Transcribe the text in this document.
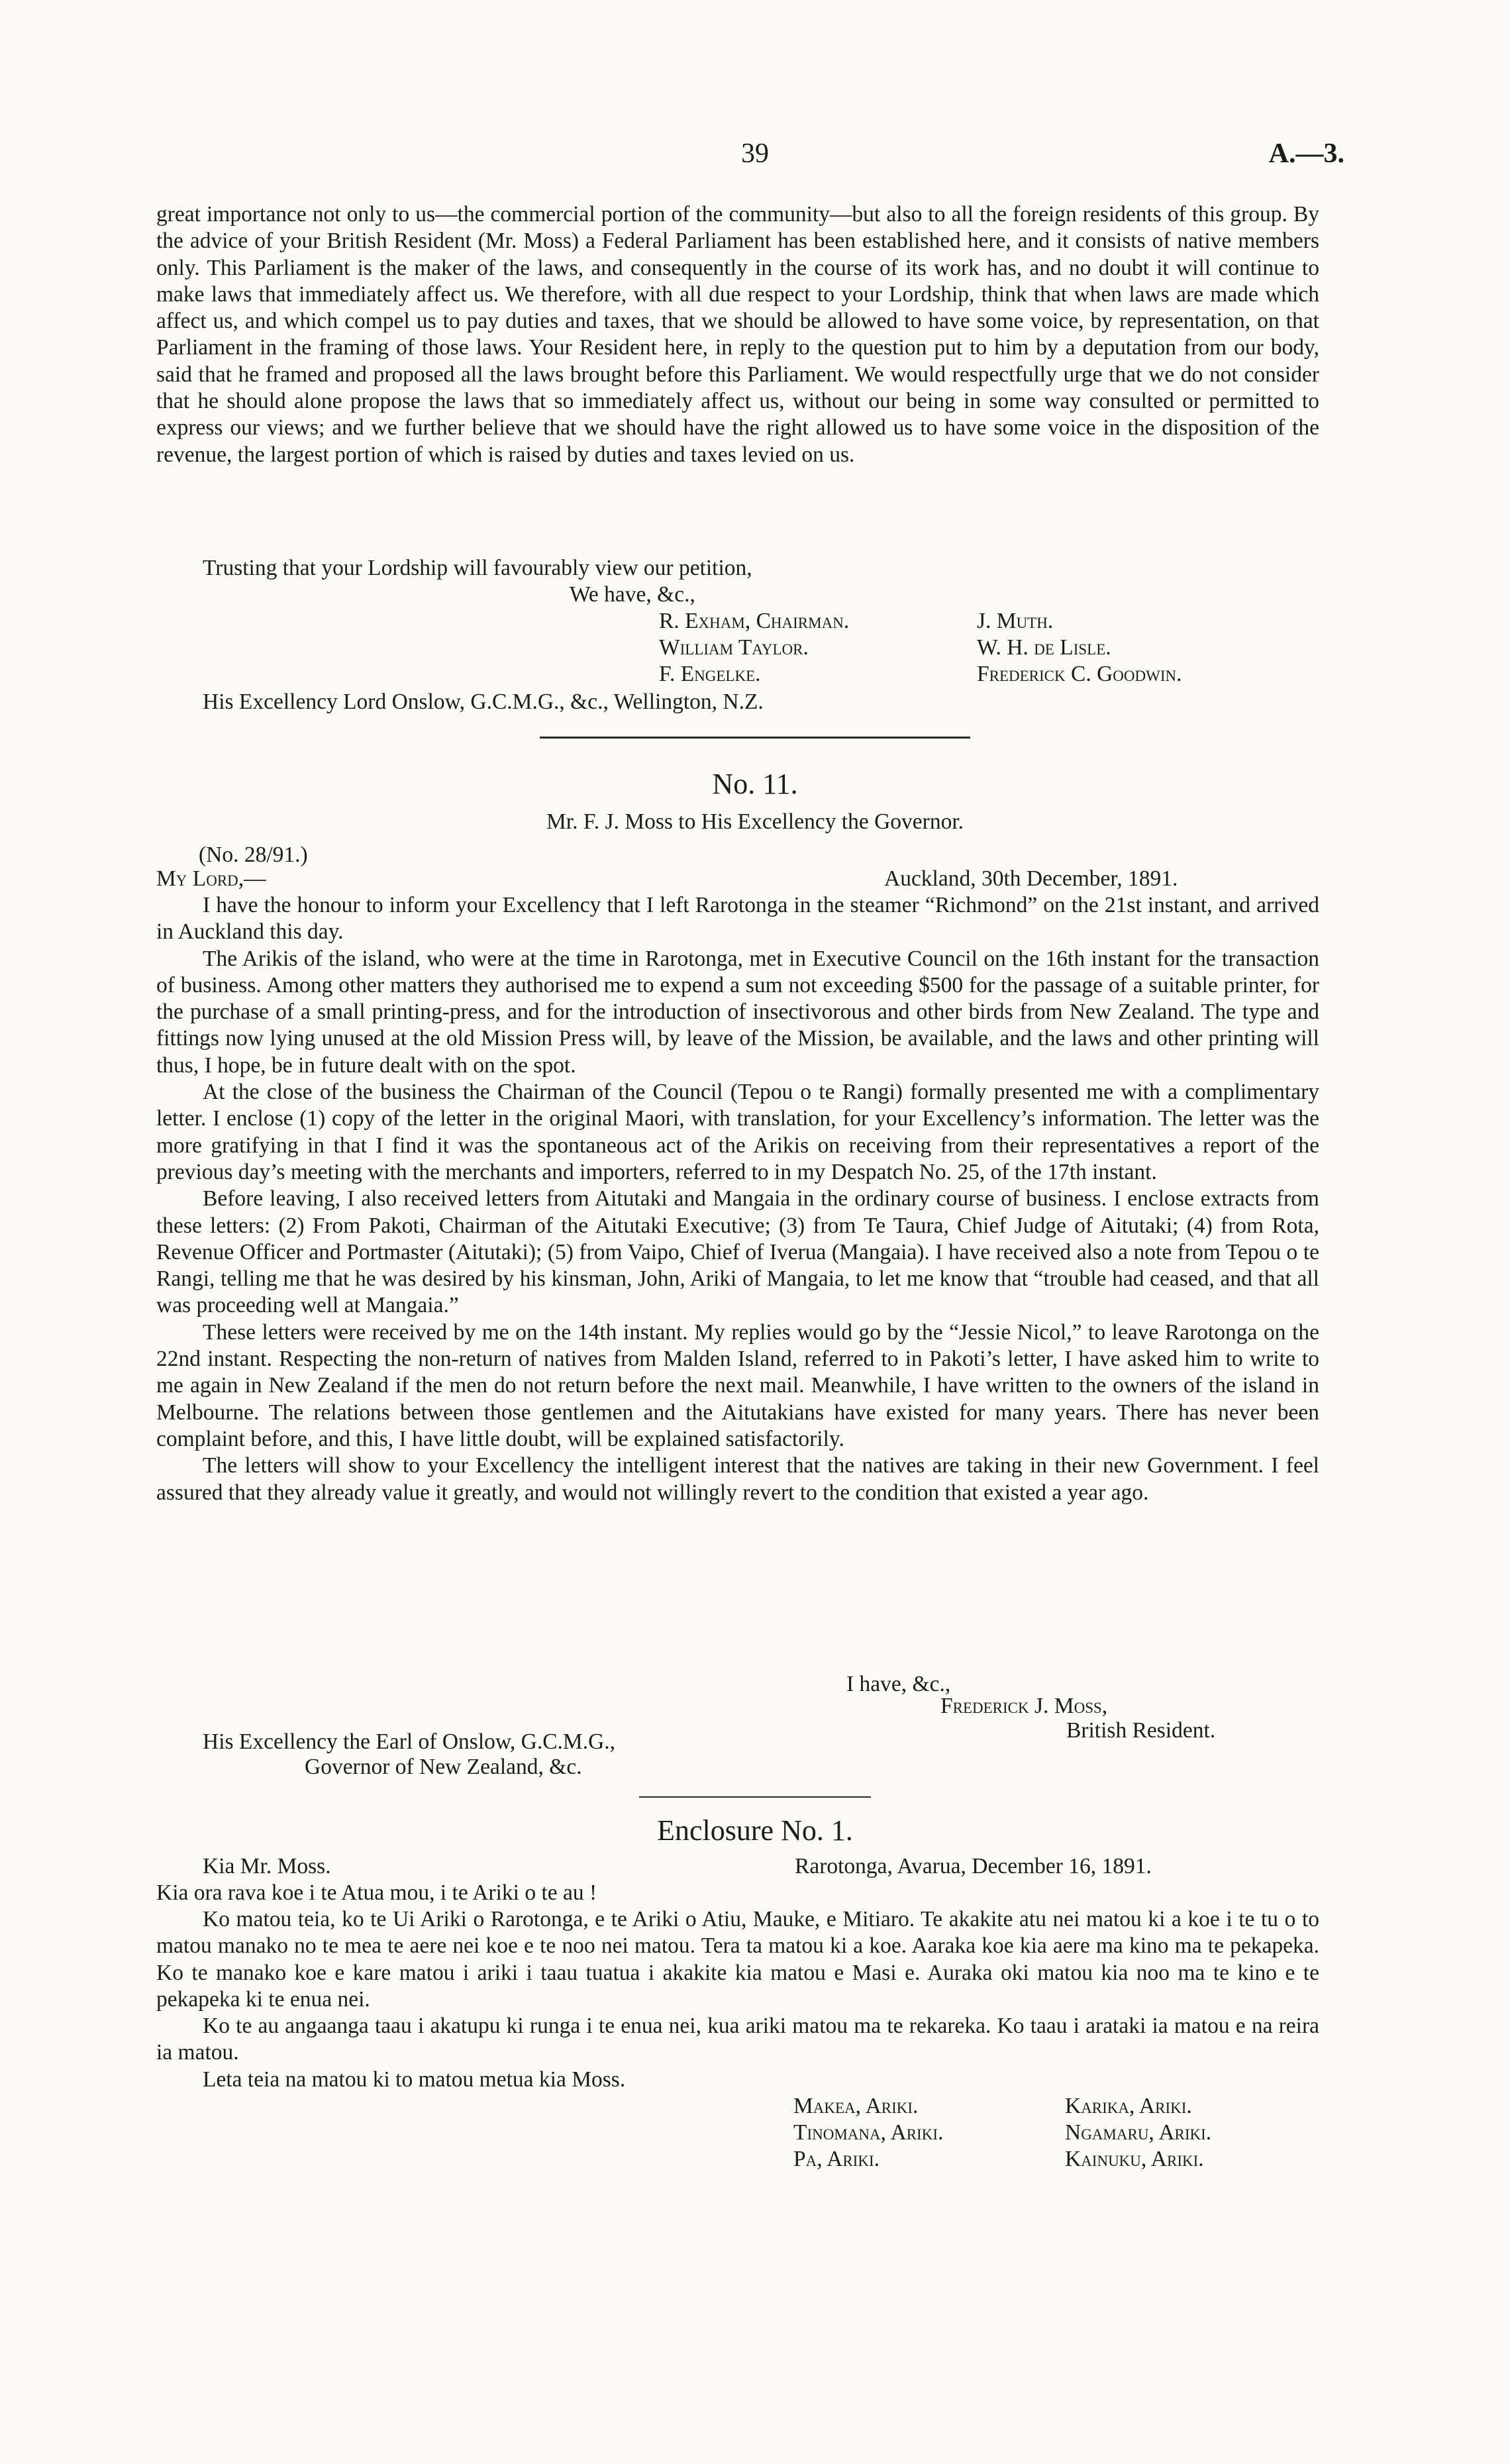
39	A.—3.

great importance not only to us—the commercial portion of the community—but also to all the foreign residents of this group. By the advice of your British Resident (Mr. Moss) a Federal Parliament has been established here, and it consists of native members only. This Parliament is the maker of the laws, and consequently in the course of its work has, and no doubt it will continue to make laws that immediately affect us. We therefore, with all due respect to your Lordship, think that when laws are made which affect us, and which compel us to pay duties and taxes, that we should be allowed to have some voice, by representation, on that Parliament in the framing of those laws. Your Resident here, in reply to the question put to him by a deputation from our body, said that he framed and proposed all the laws brought before this Parliament. We would respectfully urge that we do not consider that he should alone propose the laws that so immediately affect us, without our being in some way consulted or permitted to express our views; and we further believe that we should have the right allowed us to have some voice in the disposition of the revenue, the largest portion of which is raised by duties and taxes levied on us.

Trusting that your Lordship will favourably view our petition,
We have, &c.,
R. Exham, Chairman.
William Taylor.
F. Engelke.
J. Muth.
W. H. de Lisle.
Frederick C. Goodwin.
His Excellency Lord Onslow, G.C.M.G., &c., Wellington, N.Z.
No. 11.
Mr. F. J. Moss to His Excellency the Governor.
(No. 28/91.)
My Lord,—	Auckland, 30th December, 1891.

I have the honour to inform your Excellency that I left Rarotonga in the steamer “Richmond” on the 21st instant, and arrived in Auckland this day.

The Arikis of the island, who were at the time in Rarotonga, met in Executive Council on the 16th instant for the transaction of business. Among other matters they authorised me to expend a sum not exceeding $500 for the passage of a suitable printer, for the purchase of a small printing-press, and for the introduction of insectivorous and other birds from New Zealand. The type and fittings now lying unused at the old Mission Press will, by leave of the Mission, be available, and the laws and other printing will thus, I hope, be in future dealt with on the spot.

At the close of the business the Chairman of the Council (Tepou o te Rangi) formally presented me with a complimentary letter. I enclose (1) copy of the letter in the original Maori, with translation, for your Excellency’s information. The letter was the more gratifying in that I find it was the spontaneous act of the Arikis on receiving from their representatives a report of the previous day’s meeting with the merchants and importers, referred to in my Despatch No. 25, of the 17th instant.

Before leaving, I also received letters from Aitutaki and Mangaia in the ordinary course of business. I enclose extracts from these letters: (2) From Pakoti, Chairman of the Aitutaki Executive; (3) from Te Taura, Chief Judge of Aitutaki; (4) from Rota, Revenue Officer and Portmaster (Aitutaki); (5) from Vaipo, Chief of Iverua (Mangaia). I have received also a note from Tepou o te Rangi, telling me that he was desired by his kinsman, John, Ariki of Mangaia, to let me know that “trouble had ceased, and that all was proceeding well at Mangaia.”

These letters were received by me on the 14th instant. My replies would go by the “Jessie Nicol,” to leave Rarotonga on the 22nd instant. Respecting the non-return of natives from Malden Island, referred to in Pakoti’s letter, I have asked him to write to me again in New Zealand if the men do not return before the next mail. Meanwhile, I have written to the owners of the island in Melbourne. The relations between those gentlemen and the Aitutakians have existed for many years. There has never been complaint before, and this, I have little doubt, will be explained satisfactorily.

The letters will show to your Excellency the intelligent interest that the natives are taking in their new Government. I feel assured that they already value it greatly, and would not willingly revert to the condition that existed a year ago.

I have, &c.,
Frederick J. Moss,
British Resident.
His Excellency the Earl of Onslow, G.C.M.G.,
Governor of New Zealand, &c.
Enclosure No. 1.
Kia Mr. Moss.	Rarotonga, Avarua, December 16, 1891.
Kia ora rava koe i te Atua mou, i te Ariki o te au !

Ko matou teia, ko te Ui Ariki o Rarotonga, e te Ariki o Atiu, Mauke, e Mitiaro. Te akakite atu nei matou ki a koe i te tu o to matou manako no te mea te aere nei koe e te noo nei matou. Tera ta matou ki a koe. Aaraka koe kia aere ma kino ma te pekapeka. Ko te manako koe e kare matou i ariki i taau tuatua i akakite kia matou e Masi e. Auraka oki matou kia noo ma te kino e te pekapeka ki te enua nei.

Ko te au angaanga taau i akatupu ki runga i te enua nei, kua ariki matou ma te rekareka. Ko taau i arataki ia matou e na reira ia matou.

Leta teia na matou ki to matou metua kia Moss.

Makea, Ariki.
Tinomana, Ariki.
Pa, Ariki.
Karika, Ariki.
Ngamaru, Ariki.
Kainuku, Ariki.
